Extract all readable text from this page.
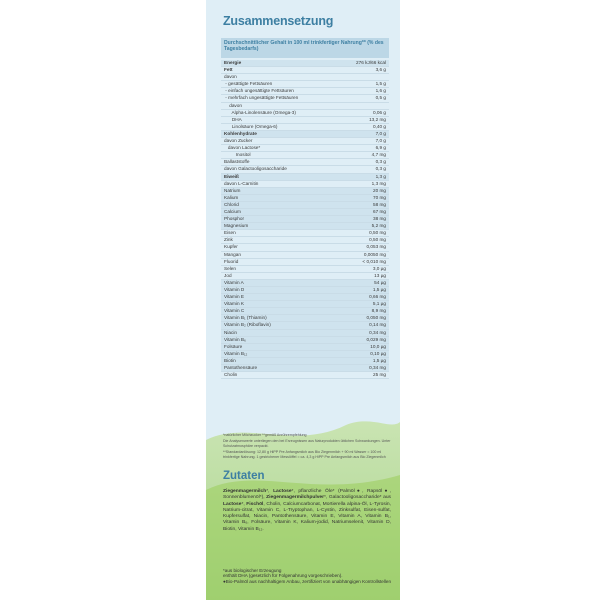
Zusammensetzung
Durchschnittlicher Gehalt in 100 ml trinkfertiger Nahrung** (% des Tagesbedarfs)
Energie	276 kJ/66 kcal
Fett	3,6 g
davon
- gesättigte Fettsäuren	1,5 g
- einfach ungesättigte Fettsäuren	1,6 g
- mehrfach ungesättigte Fettsäuren	0,5 g
davon
Alpha-Linolensäure (Omega-3)	0,06 g
DHA	13,2 mg
Linolsäure (Omega-6)	0,40 g
Kohlenhydrate	7,0 g
davon Zucker	7,0 g
davon Lactose*	6,9 g
Inositol	4,7 mg
Ballaststoffe	0,3 g
davon Galactooligosaccharide	0,3 g
Eiweiß	1,3 g
davon L-Carnitin	1,3 mg
Natrium	20 mg
Kalium	70 mg
Chlorid	58 mg
Calcium	67 mg
Phosphor	38 mg
Magnesium	5,2 mg
Eisen	0,50 mg
Zink	0,50 mg
Kupfer	0,053 mg
Mangan	0,0050 mg
Fluorid	< 0,010 mg
Selen	3,0 µg
Jod	13 µg
Vitamin A	54 µg
Vitamin D	1,5 µg
Vitamin E	0,66 mg
Vitamin K	5,1 µg
Vitamin C	8,9 mg
Vitamin B₁ (Thiamin)	0,050 mg
Vitamin B₂ (Riboflavin)	0,14 mg
Niacin	0,34 mg
Vitamin B₆	0,029 mg
Folsäure	10,0 µg
Vitamin B₁₂	0,10 µg
Biotin	1,5 µg
Pantothensäure	0,34 mg
Cholin	25 mg

*natürlicher Milchzucker **gemäß Anrührempfehlung

Die Analysenwerte unterliegen den bei Erzeugnissen aus Naturprodukten üblichen Schwankungen. Unter Schutzatmosphäre verpackt.

**Standardanlösung: 12,80 g HiPP Pre Anfangsmilch aus Bio Ziegenmilch + 90 ml Wasser = 100 ml trinkfertige Nahrung. 1 gestrichener Messlöffel = ca. 4,3 g HiPP Pre Anfangsmilch aus Bio Ziegenmilch

Zutaten
Ziegenmagermilch*, Lactose*, pflanzliche Öle* (Palmöl●, Rapsöl●, Sonnenblumenöl*), Ziegenmagermilchpulver*, Galactooligosaccharide* aus Lactose*, Fischöl, Cholin, Calciumcarbonat, Mortierella alpina-Öl, L-Tyrosin, Natrium-citrat, Vitamin C, L-Tryptophan, L-Cystin, Zinksulfat, Eisen-sulfat, Kupfersulfat, Niacin, Pantothensäure, Vitamin E, Vitamin A, Vitamin B₁, Vitamin B₆, Folsäure, Vitamin K, Kalium-jodid, Natriumselenit, Vitamin D, Biotin, Vitamin B₁₂.
*aus biologischer Erzeugung
enthält DHA (gesetzlich für Folgenahrung vorgeschrieben).
●Bio-Palmöl aus nachhaltigem Anbau, zertifiziert von unabhängigen Kontrollstellen
